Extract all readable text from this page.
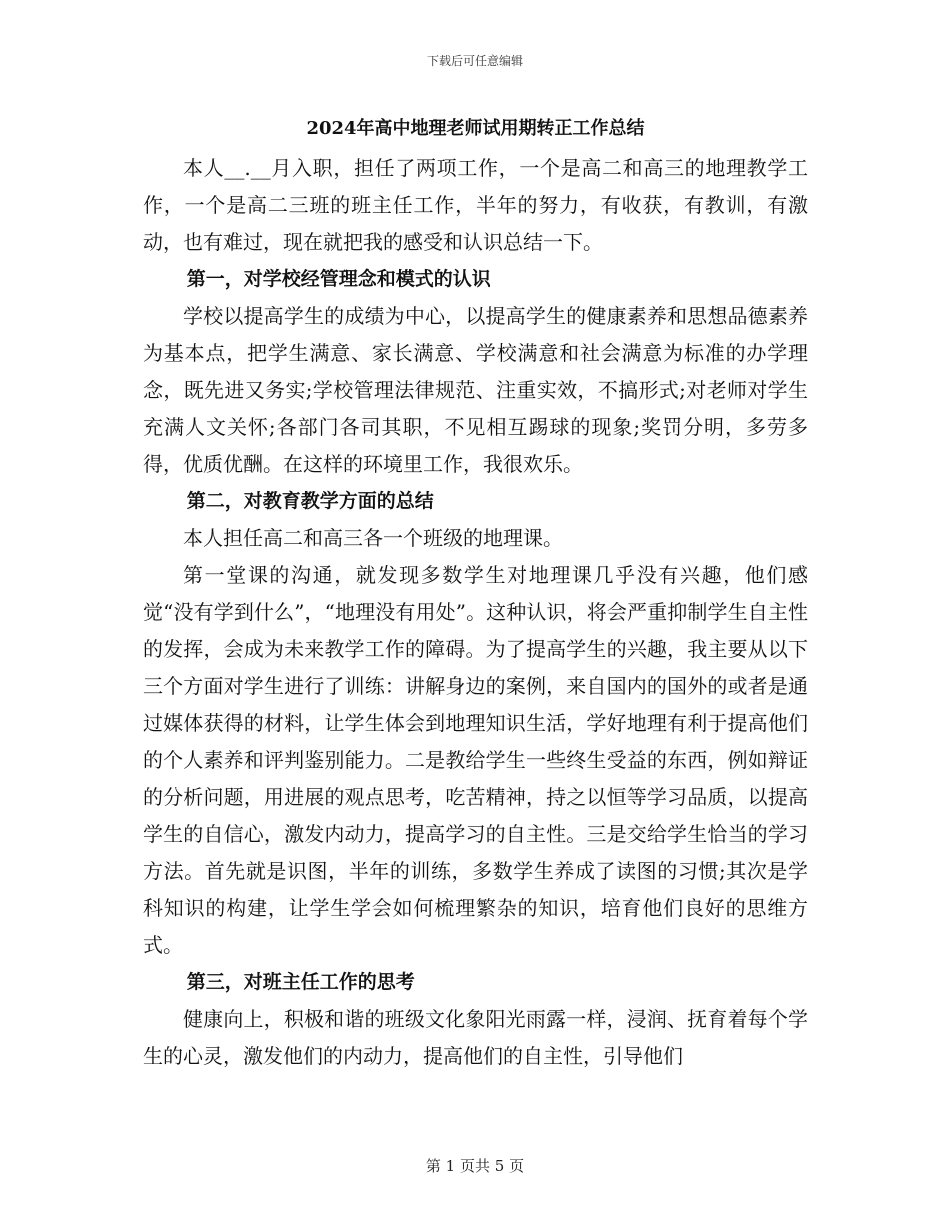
下载后可任意编辑
2024年高中地理老师试用期转正工作总结

本人__.__月入职，担任了两项工作，一个是高二和高三的地理教学工作，一个是高二三班的班主任工作，半年的努力，有收获，有教训，有激动，也有难过，现在就把我的感受和认识总结一下。

第一，对学校经管理念和模式的认识

学校以提高学生的成绩为中心，以提高学生的健康素养和思想品德素养为基本点，把学生满意、家长满意、学校满意和社会满意为标准的办学理念，既先进又务实;学校管理法律规范、注重实效，不搞形式;对老师对学生充满人文关怀;各部门各司其职，不见相互踢球的现象;奖罚分明，多劳多得，优质优酬。在这样的环境里工作，我很欢乐。

第二，对教育教学方面的总结

本人担任高二和高三各一个班级的地理课。

第一堂课的沟通，就发现多数学生对地理课几乎没有兴趣，他们感觉“没有学到什么”，“地理没有用处”。这种认识，将会严重抑制学生自主性的发挥，会成为未来教学工作的障碍。为了提高学生的兴趣，我主要从以下三个方面对学生进行了训练：讲解身边的案例，来自国内的国外的或者是通过媒体获得的材料，让学生体会到地理知识生活，学好地理有利于提高他们的个人素养和评判鉴别能力。二是教给学生一些终生受益的东西，例如辩证的分析问题，用进展的观点思考，吃苦精神，持之以恒等学习品质，以提高学生的自信心，激发内动力，提高学习的自主性。三是交给学生恰当的学习方法。首先就是识图，半年的训练，多数学生养成了读图的习惯;其次是学科知识的构建，让学生学会如何梳理繁杂的知识，培育他们良好的思维方式。

第三，对班主任工作的思考

健康向上，积极和谐的班级文化象阳光雨露一样，浸润、抚育着每个学生的心灵，激发他们的内动力，提高他们的自主性，引导他们

第 1 页共 5 页
